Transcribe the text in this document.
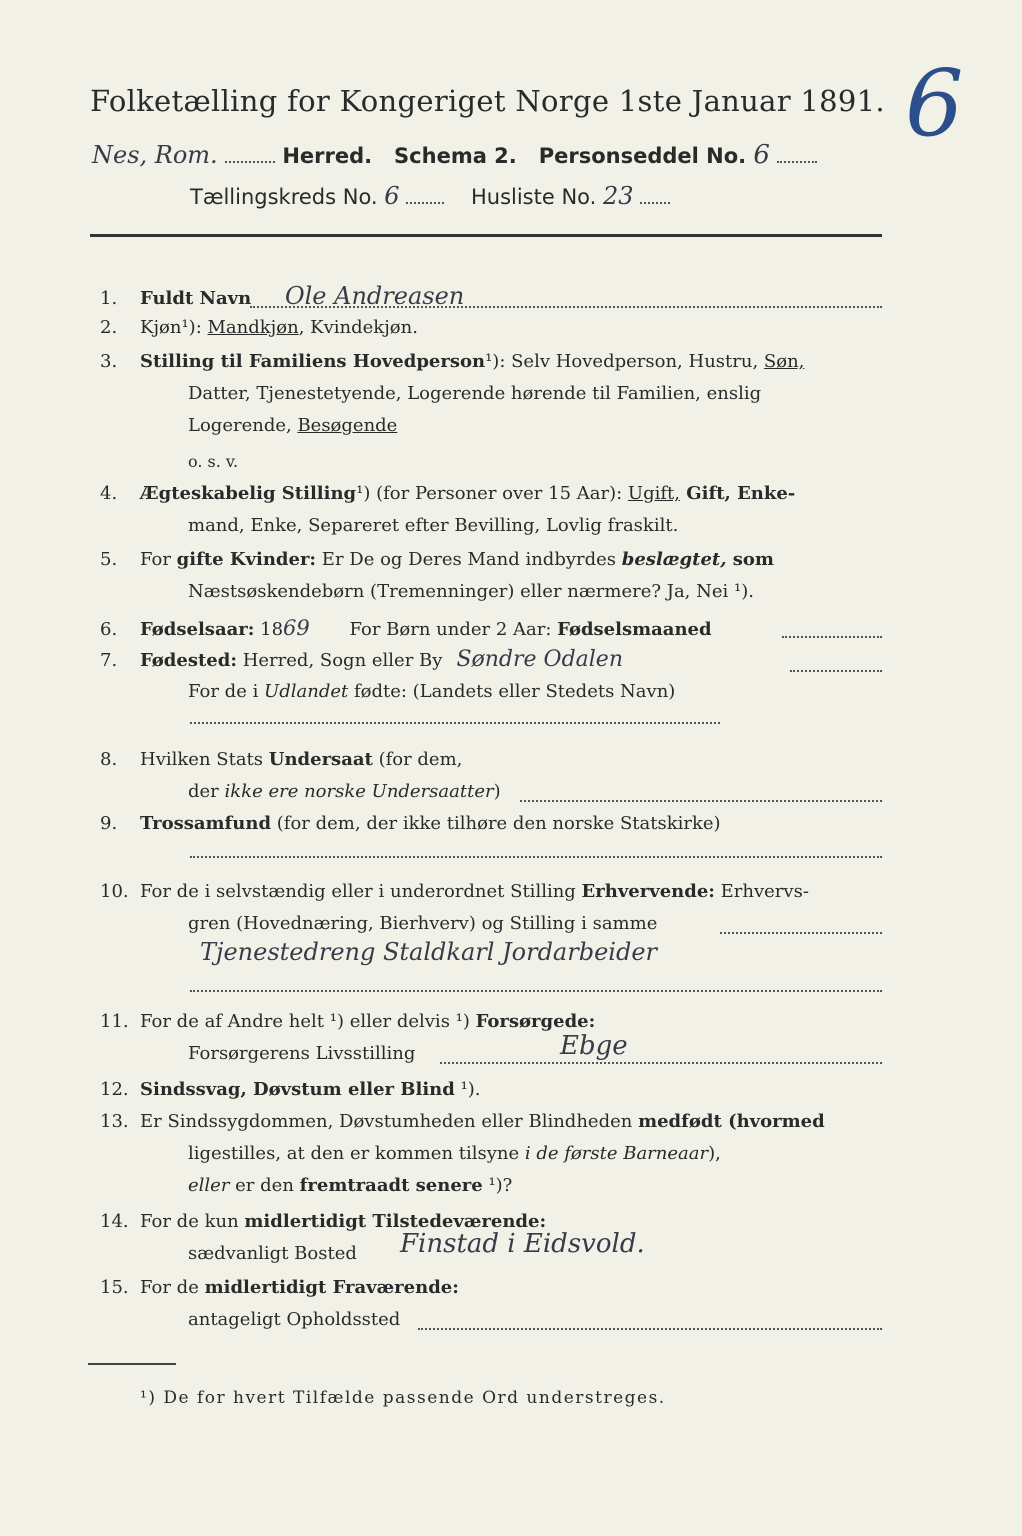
Folketælling for Kongeriget Norge 1ste Januar 1891. 6
Nes, Rom.	Herred. Schema 2. Personseddel No. 6
Tællingskreds No. 6	Husliste No. 23
1. Fuldt Navn Ole Andreasen
2. Kjøn¹): Mandkjøn, Kvindekjøn.
3. Stilling til Familiens Hovedperson¹): Selv Hovedperson, Hustru, Søn,
Datter, Tjenestetyende, Logerende hørende til Familien, enslig
Logerende, Besøgende
o. s. v.
4. Ægteskabelig Stilling¹) (for Personer over 15 Aar): Ugift, Gift, Enke-
mand, Enke, Separeret efter Bevilling, Lovlig fraskilt.
5. For gifte Kvinder: Er De og Deres Mand indbyrdes beslægtet, som
Næstsøskendebørn (Tremenninger) eller nærmere? Ja, Nei ¹).
6. Fødselsaar: 1869 For Børn under 2 Aar: Fødselsmaaned
7. Fødested: Herred, Sogn eller By Søndre Odalen
For de i Udlandet fødte: (Landets eller Stedets Navn)
8. Hvilken Stats Undersaat (for dem,
der ikke ere norske Undersaatter)
9. Trossamfund (for dem, der ikke tilhøre den norske Statskirke)
10. For de i selvstændig eller i underordnet Stilling Erhvervende: Erhvervs-
gren (Hovednæring, Bierhverv) og Stilling i samme
Tjenestedreng Staldkarl Jordarbeider
11. For de af Andre helt ¹) eller delvis ¹) Forsørgede:
Forsørgerens Livsstilling	Ebge
12. Sindssvag, Døvstum eller Blind ¹).
13. Er Sindssygdommen, Døvstumheden eller Blindheden medfødt (hvormed
ligestilles, at den er kommen tilsyne i de første Barneaar),
eller er den fremtraadt senere ¹)?
14. For de kun midlertidigt Tilstedeværende:
sædvanligt Bosted Finstad i Eidsvold.
15. For de midlertidigt Fraværende:
antageligt Opholdssted
¹) De for hvert Tilfælde passende Ord understreges.
